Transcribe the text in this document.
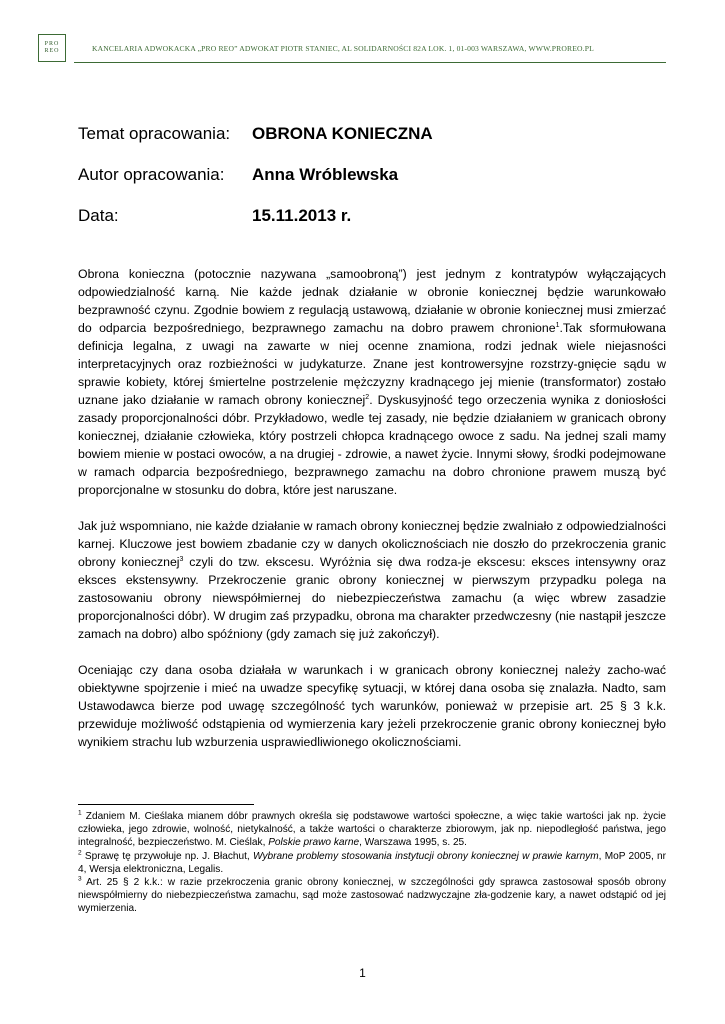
PRO
REO	KANCELARIA ADWOKACKA „PRO REO” ADWOKAT PIOTR STANIEC, AL SOLIDARNOŚCI 82A LOK. 1, 01-003 WARSZAWA, WWW.PROREO.PL
Temat opracowania: OBRONA KONIECZNA
Autor opracowania: Anna Wróblewska
Data:	15.11.2013 r.

Obrona konieczna (potocznie nazywana „samoobroną”) jest jednym z kontratypów wyłączających odpowiedzialność karną. Nie każde jednak działanie w obronie koniecznej będzie warunkowało bezprawność czynu. Zgodnie bowiem z regulacją ustawową, działanie w obronie koniecznej musi zmierzać do odparcia bezpośredniego, bezprawnego zamachu na dobro prawem chronione$^1$.Tak sformułowana definicja legalna, z uwagi na zawarte w niej ocenne znamiona, rodzi jednak wiele niejasności interpretacyjnych oraz rozbieżności w judykaturze. Znane jest kontrowersyjne rozstrzy-gnięcie sądu w sprawie kobiety, której śmiertelne postrzelenie mężczyzny kradnącego jej mienie (transformator) zostało uznane jako działanie w ramach obrony koniecznej$^2$. Dyskusyjność tego orzeczenia wynika z doniosłości zasady proporcjonalności dóbr. Przykładowo, wedle tej zasady, nie będzie działaniem w granicach obrony koniecznej, działanie człowieka, który postrzeli chłopca kradnącego owoce z sadu. Na jednej szali mamy bowiem mienie w postaci owoców, a na drugiej - zdrowie, a nawet życie. Innymi słowy, środki podejmowane w ramach odparcia bezpośredniego, bezprawnego zamachu na dobro chronione prawem muszą być proporcjonalne w stosunku do dobra, które jest naruszane.

Jak już wspomniano, nie każde działanie w ramach obrony koniecznej będzie zwalniało z odpowiedzialności karnej. Kluczowe jest bowiem zbadanie czy w danych okolicznościach nie doszło do przekroczenia granic obrony koniecznej$^3$ czyli do tzw. ekscesu. Wyróżnia się dwa rodza-je ekscesu: eksces intensywny oraz eksces ekstensywny. Przekroczenie granic obrony koniecznej w pierwszym przypadku polega na zastosowaniu obrony niewspółmiernej do niebezpieczeństwa zamachu (a więc wbrew zasadzie proporcjonalności dóbr). W drugim zaś przypadku, obrona ma charakter przedwczesny (nie nastąpił jeszcze zamach na dobro) albo spóźniony (gdy zamach się już zakończył).

Oceniając czy dana osoba działała w warunkach i w granicach obrony koniecznej należy zacho-wać obiektywne spojrzenie i mieć na uwadze specyfikę sytuacji, w której dana osoba się znalazła. Nadto, sam Ustawodawca bierze pod uwagę szczególność tych warunków, ponieważ w przepisie art. 25 § 3 k.k. przewiduje możliwość odstąpienia od wymierzenia kary jeżeli przekroczenie granic obrony koniecznej było wynikiem strachu lub wzburzenia usprawiedliwionego okolicznościami.

$^1$ Zdaniem M. Cieślaka mianem dóbr prawnych określa się podstawowe wartości społeczne, a więc takie wartości jak np. życie człowieka, jego zdrowie, wolność, nietykalność, a także wartości o charakterze zbiorowym, jak np. niepodległość państwa, jego integralność, bezpieczeństwo. M. Cieślak, Polskie prawo karne, Warszawa 1995, s. 25.

$^2$ Sprawę tę przywołuje np. J. Błachut, Wybrane problemy stosowania instytucji obrony koniecznej w prawie karnym, MoP 2005, nr 4, Wersja elektroniczna, Legalis.

$^3$ Art. 25 § 2 k.k.: w razie przekroczenia granic obrony koniecznej, w szczególności gdy sprawca zastosował sposób obrony niewspółmierny do niebezpieczeństwa zamachu, sąd może zastosować nadzwyczajne zła-godzenie kary, a nawet odstąpić od jej wymierzenia.

1
